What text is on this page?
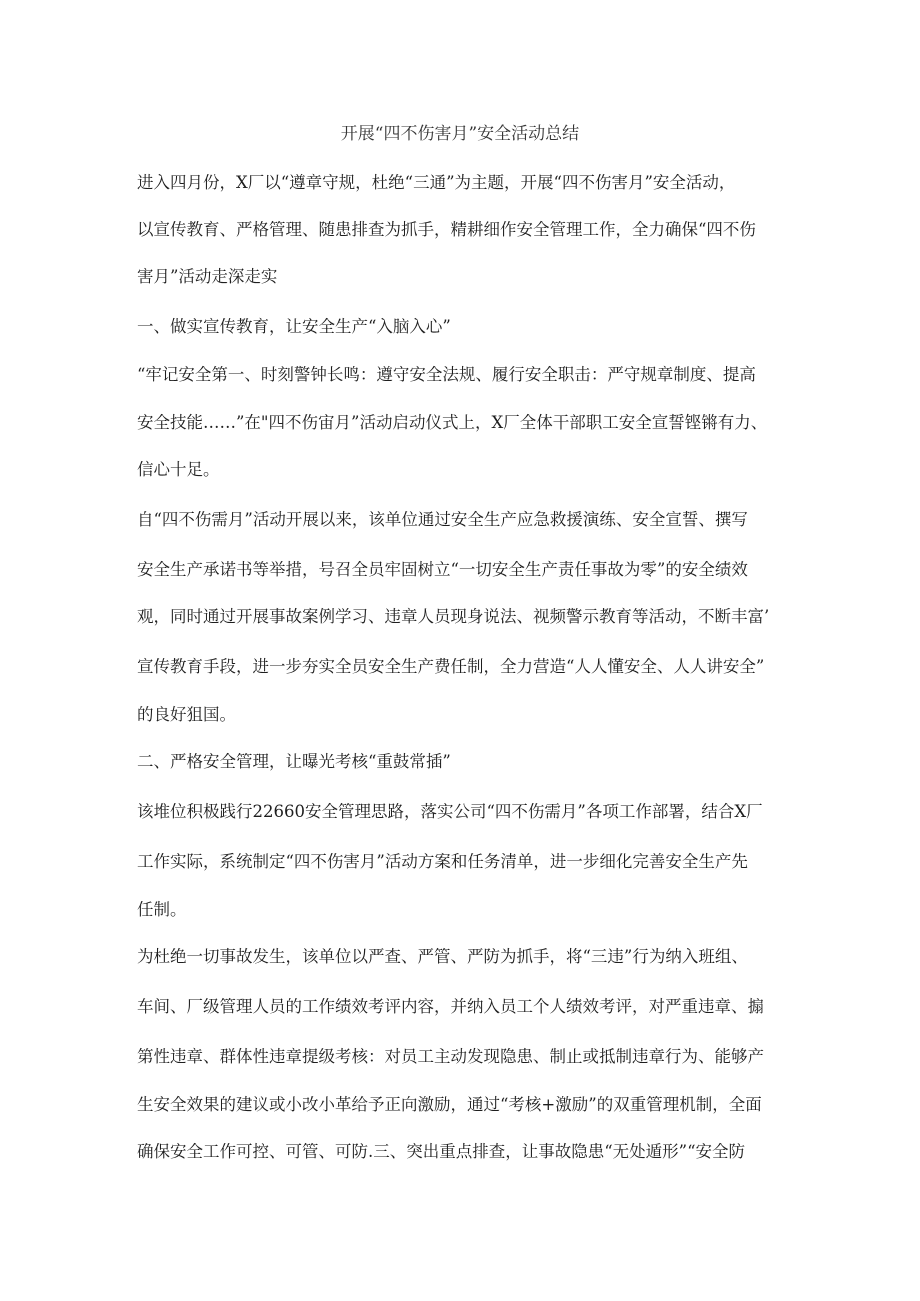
开展“四不伤害月”安全活动总结
进入四月份，X厂以“遵章守规，杜绝“三通”为主题，开展“四不伤害月”安全活动，
以宣传教育、严格管理、随患排查为抓手，精耕细作安全管理工作，全力确保“四不伤
害月”活动走深走实
一、做实宣传教育，让安全生产“入脑入心”
“牢记安全第一、时刻警钟长鸣：遵守安全法规、履行安全职击：严守规章制度、提高
安全技能……”在"四不伤宙月”活动启动仪式上，X厂全体干部职工安全宣誓铿锵有力、
信心十足。
自“四不伤需月”活动开展以来，该单位通过安全生产应急救援演练、安全宣誓、撰写
安全生产承诺书等举措，号召全员牢固树立“一切安全生产责任事故为零”的安全绩效
观，同时通过开展事故案例学习、违章人员现身说法、视频警示教育等活动，不断丰富’
宣传教育手段，进一步夯实全员安全生产费任制，全力营造“人人懂安全、人人讲安全”
的良好狙国。
二、严格安全管理，让曝光考核“重鼓常插”
该堆位积极践行22660安全管理思路，落实公司“四不伤需月”各项工作部署，结合X厂
工作实际，系统制定“四不伤害月”活动方案和任务清单，进一步细化完善安全生产先
任制。
为杜绝一切事故发生，该单位以严查、严管、严防为抓手，将“三违”行为纳入班组、
车间、厂级管理人员的工作绩效考评内容，并纳入员工个人绩效考评，对严重违章、搧
第性违章、群体性违章提级考核：对员工主动发现隐患、制止或抵制违章行为、能够产
生安全效果的建议或小改小革给予正向激励，通过“考核+激励”的双重管理机制，全面
确保安全工作可控、可管、可防.三、突出重点排查，让事故隐患“无处遁形”“安全防
